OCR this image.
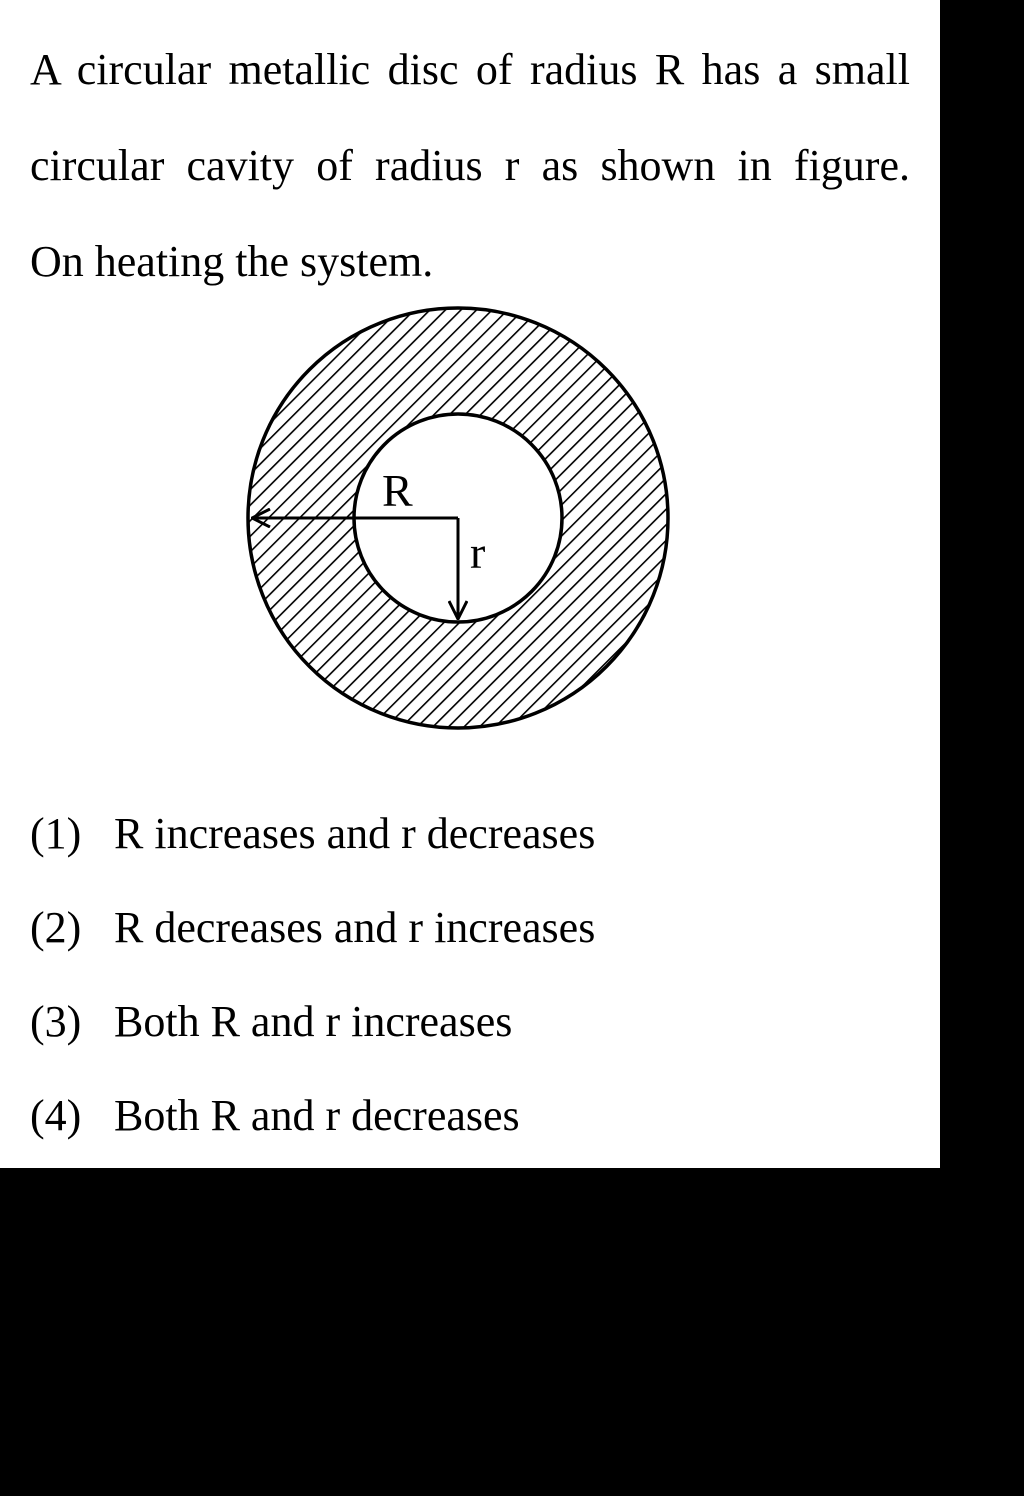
A circular metallic disc of radius R has a small
circular cavity of radius r as shown in figure.
On heating the system.

R
r
(1) R increases and r decreases
(2) R decreases and r increases
(3) Both R and r increases
(4) Both R and r decreases
